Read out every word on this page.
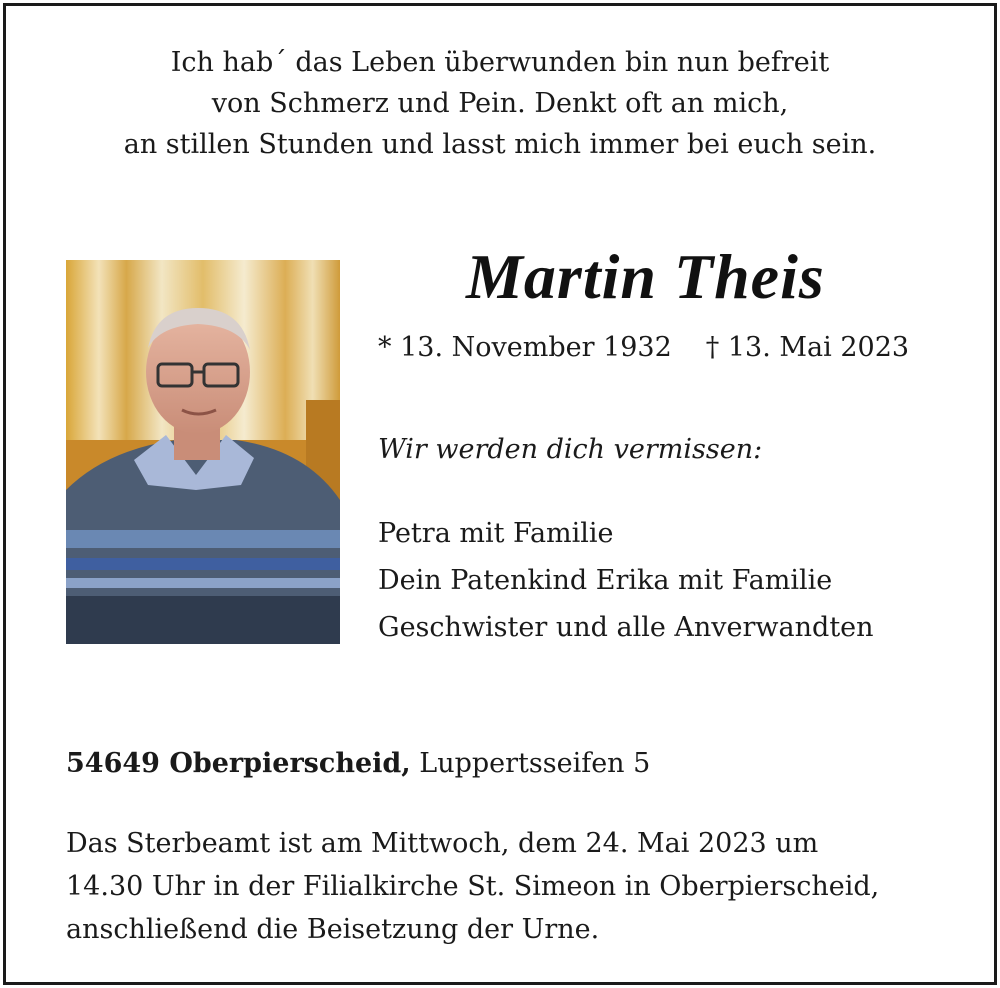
Ich hab´ das Leben überwunden bin nun befreit
von Schmerz und Pein. Denkt oft an mich,
an stillen Stunden und lasst mich immer bei euch sein.
Martin Theis
* 13. November 1932 † 13. Mai 2023
Wir werden dich vermissen:
Petra mit Familie
Dein Patenkind Erika mit Familie
Geschwister und alle Anverwandten
54649 Oberpierscheid, Luppertsseifen 5
Das Sterbeamt ist am Mittwoch, dem 24. Mai 2023 um
14.30 Uhr in der Filialkirche St. Simeon in Oberpierscheid,
anschließend die Beisetzung der Urne.
